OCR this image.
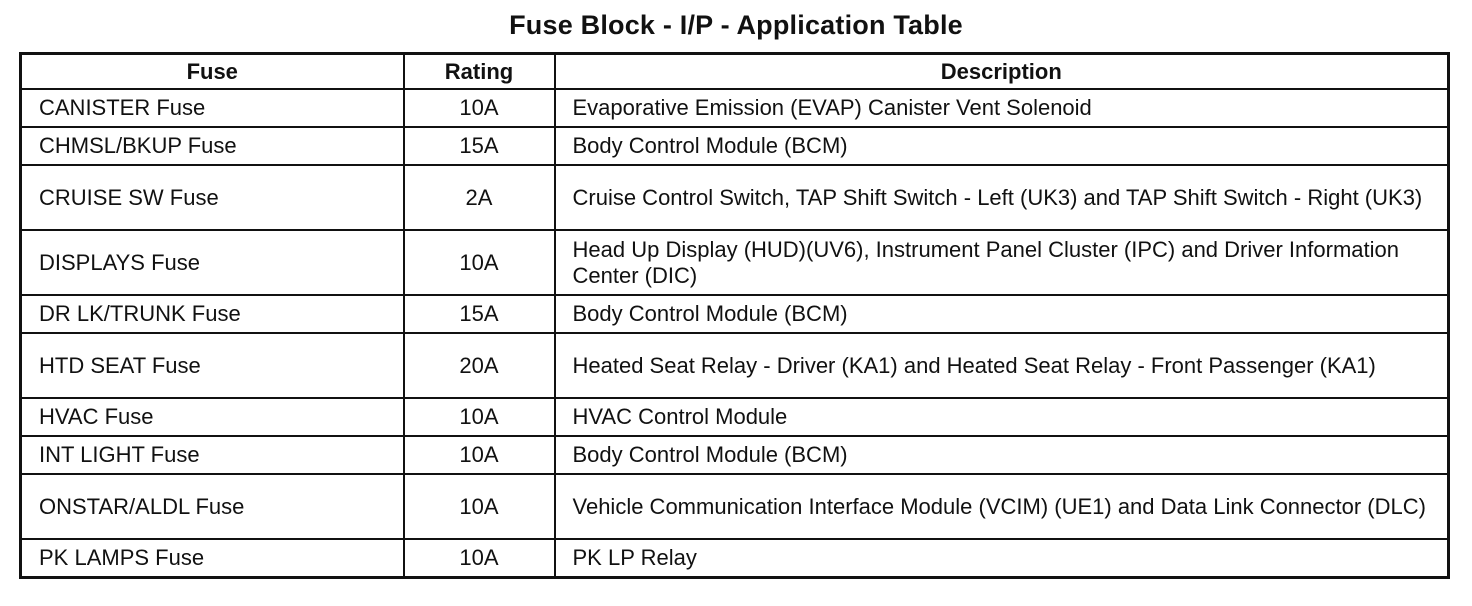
Fuse Block - I/P - Application Table
Fuse	Rating	Description
CANISTER Fuse	10A	Evaporative Emission (EVAP) Canister Vent Solenoid
CHMSL/BKUP Fuse	15A	Body Control Module (BCM)
CRUISE SW Fuse	2A	Cruise Control Switch, TAP Shift Switch - Left (UK3) and TAP Shift Switch - Right (UK3)
DISPLAYS Fuse	10A	Head Up Display (HUD)(UV6), Instrument Panel Cluster (IPC) and Driver Information Center (DIC)
DR LK/TRUNK Fuse	15A	Body Control Module (BCM)
HTD SEAT Fuse	20A	Heated Seat Relay - Driver (KA1) and Heated Seat Relay - Front Passenger (KA1)
HVAC Fuse	10A	HVAC Control Module
INT LIGHT Fuse	10A	Body Control Module (BCM)
ONSTAR/ALDL Fuse	10A	Vehicle Communication Interface Module (VCIM) (UE1) and Data Link Connector (DLC)
PK LAMPS Fuse	10A	PK LP Relay
